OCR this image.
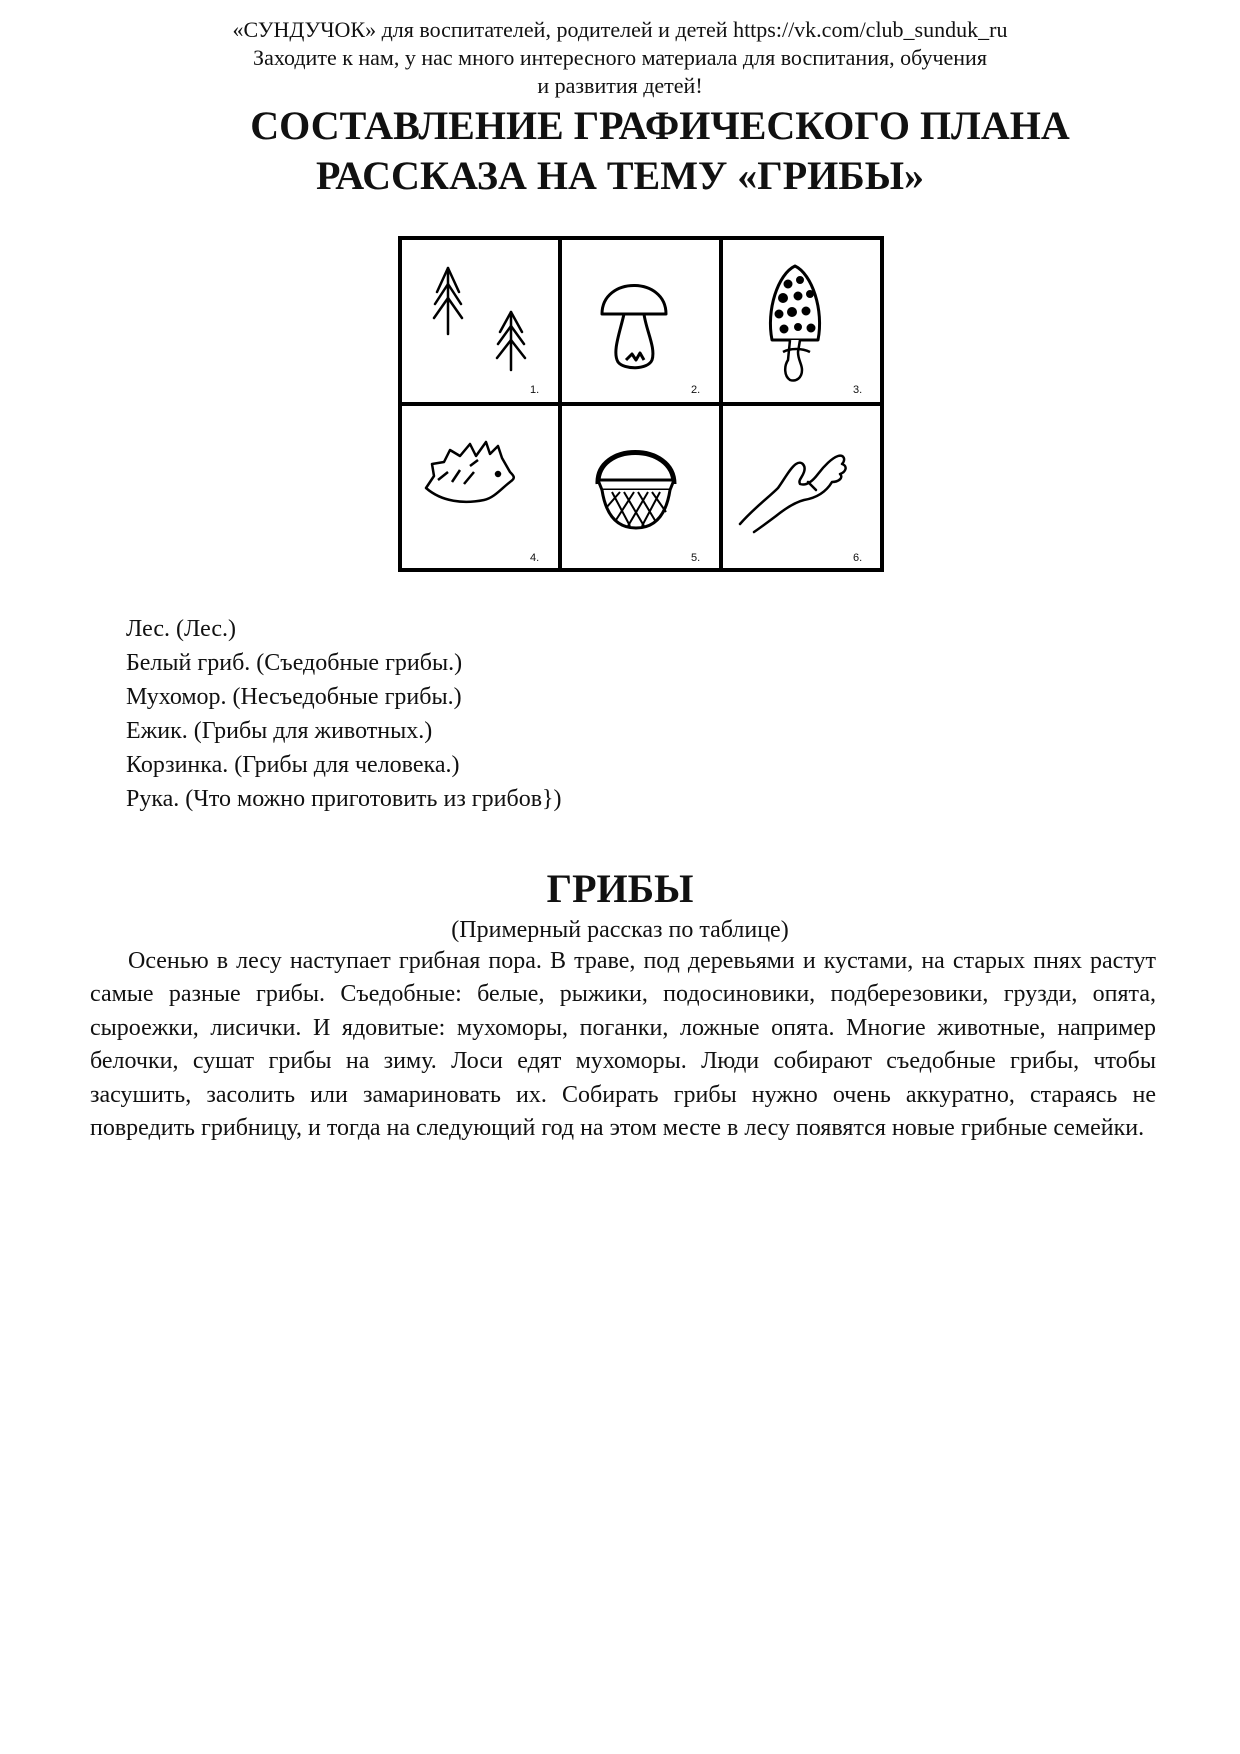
«СУНДУЧОК» для воспитателей, родителей и детей https://vk.com/club_sunduk_ru
Заходите к нам, у нас много интересного материала для воспитания, обучения
и развития детей!
СОСТАВЛЕНИЕ ГРАФИЧЕСКОГО ПЛАНА
РАССКАЗА НА ТЕМУ «ГРИБЫ»
1.	2.	3.
4.	5.	6.
Лес. (Лес.)
Белый гриб. (Съедобные грибы.)
Мухомор. (Несъедобные грибы.)
Ежик. (Грибы для животных.)
Корзинка. (Грибы для человека.)
Рука. (Что можно приготовить из грибов})
ГРИБЫ
(Примерный рассказ по таблице)
Осенью в лесу наступает грибная пора. В траве, под деревьями и кустами, на старых пнях растут самые разные грибы. Съедобные: белые, рыжики, подосиновики, подберезовики, грузди, опята, сыроежки, лисички. И ядовитые: мухоморы, поганки, ложные опята. Многие животные, например белочки, сушат грибы на зиму. Лоси едят мухоморы. Люди собирают съедобные грибы, чтобы засушить, засолить или замариновать их. Собирать грибы нужно очень аккуратно, стараясь не повредить грибницу, и тогда на следующий год на этом месте в лесу появятся новые грибные семейки.
